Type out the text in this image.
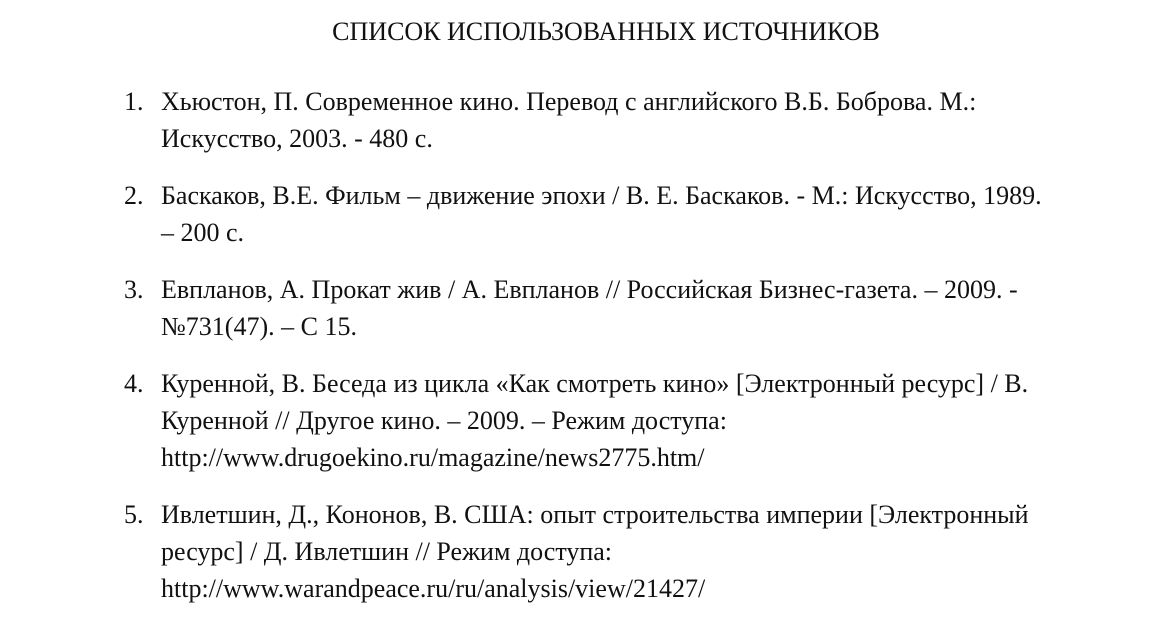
СПИСОК ИСПОЛЬЗОВАННЫХ ИСТОЧНИКОВ
1. Хьюстон, П. Современное кино. Перевод с английского В.Б. Боброва. М.:
Искусство, 2003. - 480 с.
2. Баскаков, В.Е. Фильм – движение эпохи / В. Е. Баскаков. - М.: Искусство, 1989.
– 200 с.
3. Евпланов, А. Прокат жив / А. Евпланов // Российская Бизнес-газета. – 2009. -
№731(47). – С 15.
4. Куренной, В. Беседа из цикла «Как смотреть кино» [Электронный ресурс] / В.
Куренной // Другое кино. – 2009. – Режим доступа:
http://www.drugoekino.ru/magazine/news2775.htm/
5. Ивлетшин, Д., Кононов, В. США: опыт строительства империи [Электронный
ресурс] / Д. Ивлетшин // Режим доступа:
http://www.warandpeace.ru/ru/analysis/view/21427/
